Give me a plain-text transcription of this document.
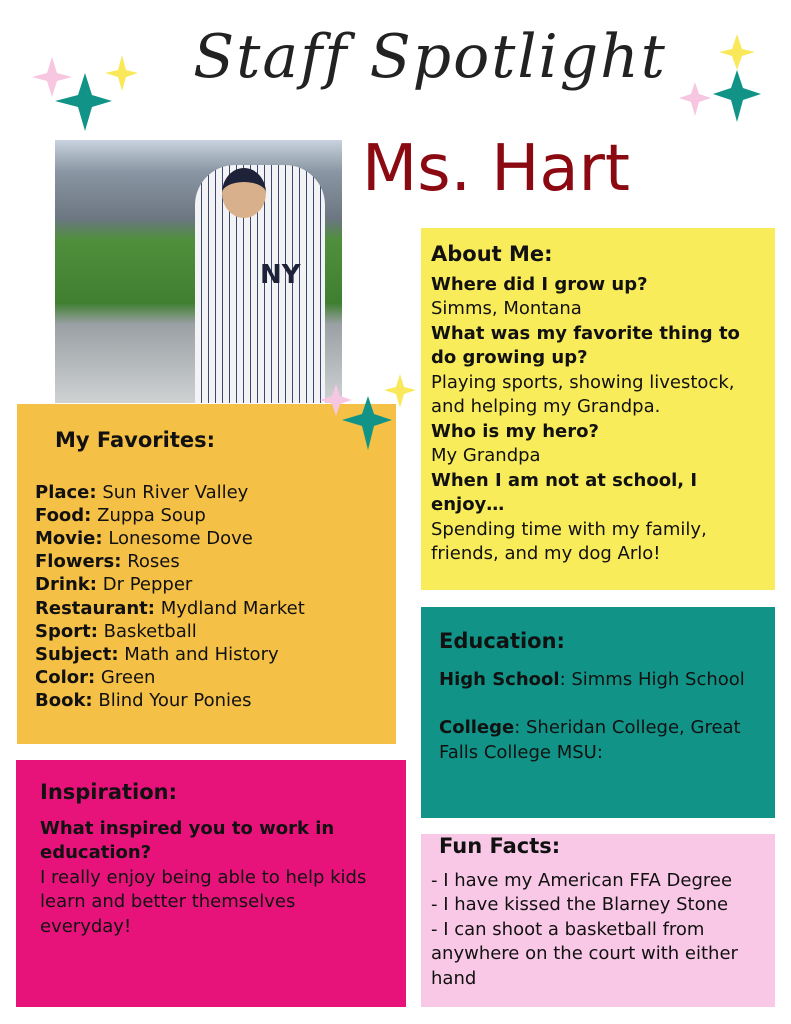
Staff Spotlight
NY
Ms. Hart
About Me:
Where did I grow up?
Simms, Montana
What was my favorite thing to do growing up?
Playing sports, showing livestock, and helping my Grandpa.
Who is my hero?
My Grandpa
When I am not at school, I enjoy…
Spending time with my family, friends, and my dog Arlo!
My Favorites:
Place: Sun River Valley
Food: Zuppa Soup
Movie: Lonesome Dove
Flowers: Roses
Drink: Dr Pepper
Restaurant: Mydland Market
Sport: Basketball
Subject: Math and History
Color: Green
Book: Blind Your Ponies
Education:
High School: Simms High School
College: Sheridan College, Great Falls College MSU:
Inspiration:
What inspired you to work in education?
I really enjoy being able to help kids learn and better themselves everyday!
Fun Facts:
- I have my American FFA Degree
- I have kissed the Blarney Stone
- I can shoot a basketball from anywhere on the court with either hand
